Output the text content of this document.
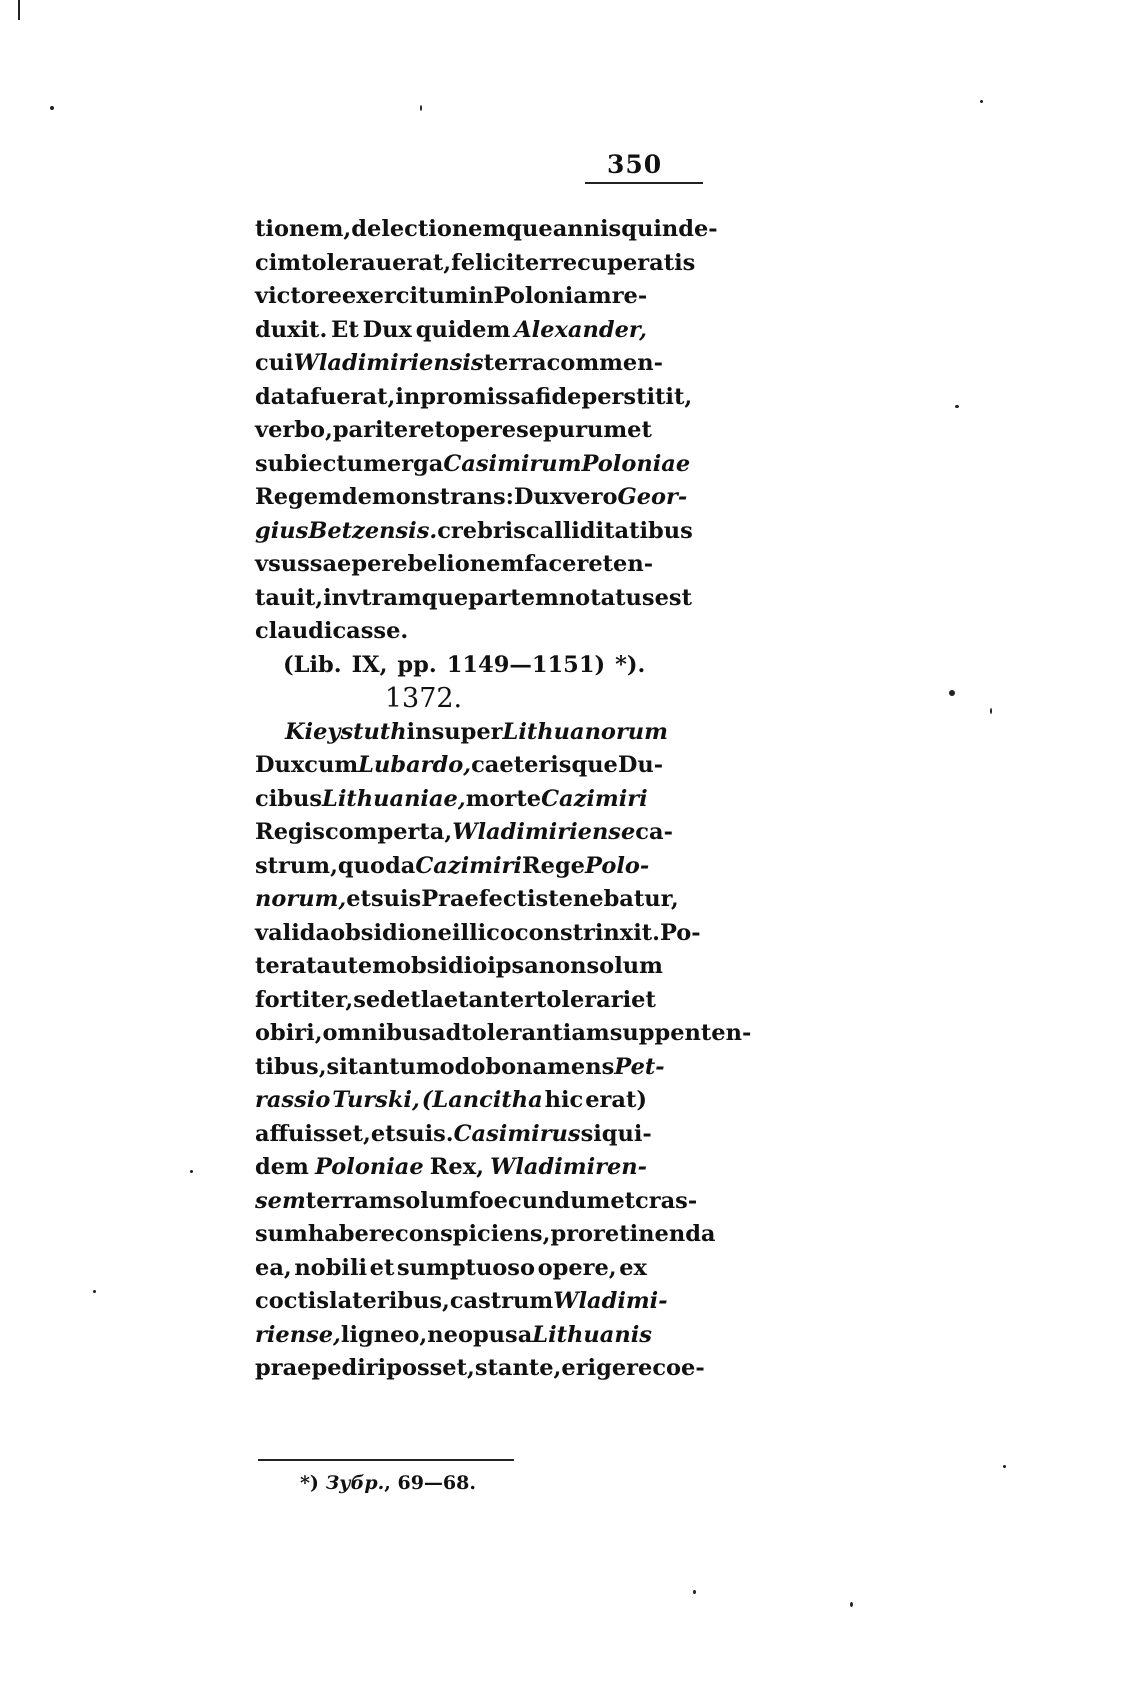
350
tionem, delectionemque annis quinde-
cim tolerauerat, feliciter recuperatis
victore exercitum in Poloniam re-
duxit. Et Dux quidem Alexander,
cui Wladimiriensis terra commen-
data fuerat, in promissa fide perstitit,
verbo, pariter et opere se purum et
subiectum erga Casimirum Poloniae
Regem demonstrans: Dux vero Geor-
gius Betzensis. crebris calliditatibus
vsus saepe rebelionem facere ten-
tauit, in vtramque partem notatus est
claudicasse.
(Lib. IX, pp. 1149—1151) *).
1372.
Kieystuth insuper Lithuanorum
Dux cum Lubardo, caeterisque Du-
cibus Lithuaniae, morte Cazimiri
Regis comperta, Wladimiriense ca-
strum, quod a Cazimiri Rege Polo-
norum, et suis Praefectis tenebatur,
valida obsidione illico constrinxit. Po-
terat autem obsidio ipsa non solum
fortiter, sed et laetanter tolerari et
obiri, omnibus ad tolerantiam suppenten-
tibus, si tantumodo bona mens Pet-
rassio Turski, (Lancitha hic erat)
affuisset, et suis. Casimirus siqui-
dem Poloniae Rex, Wladimiren-
sem terram solum foecundum et cras-
sum habere conspiciens, pro retinenda
ea, nobili et sumptuoso opere, ex
coctis lateribus, castrum Wladimi-
riense, ligneo, ne opus a Lithuanis
praepediri posset, stante, erigere coe-
*) Зубр., 69—68.
